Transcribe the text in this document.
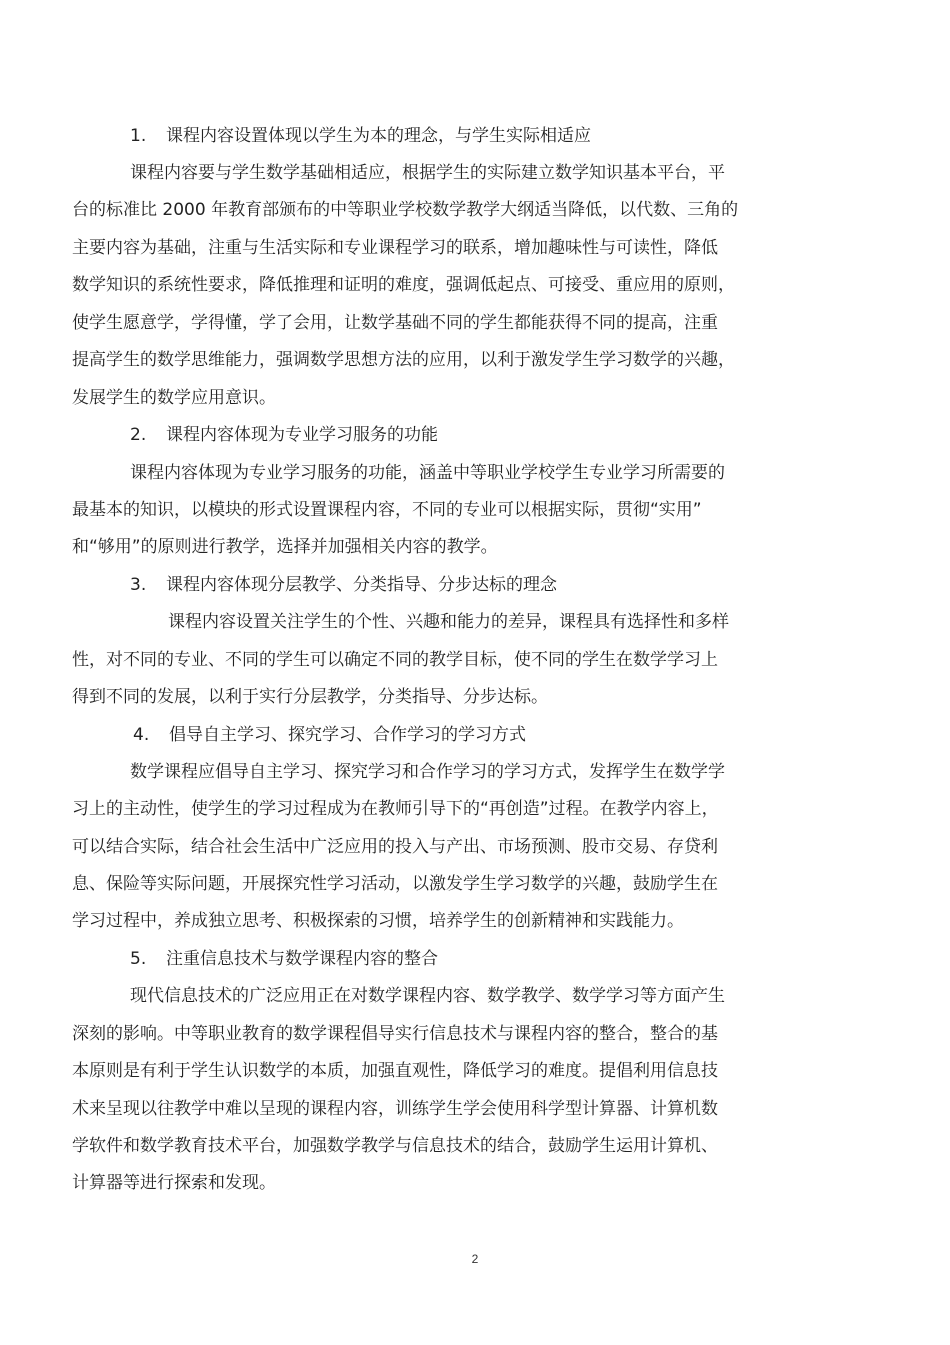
1. 课程内容设置体现以学生为本的理念，与学生实际相适应
课程内容要与学生数学基础相适应，根据学生的实际建立数学知识基本平台，平
台的标准比 2000 年教育部颁布的中等职业学校数学教学大纲适当降低，以代数、三角的
主要内容为基础，注重与生活实际和专业课程学习的联系，增加趣味性与可读性，降低
数学知识的系统性要求，降低推理和证明的难度，强调低起点、可接受、重应用的原则，
使学生愿意学，学得懂，学了会用，让数学基础不同的学生都能获得不同的提高，注重
提高学生的数学思维能力，强调数学思想方法的应用，以利于激发学生学习数学的兴趣，
发展学生的数学应用意识。
2. 课程内容体现为专业学习服务的功能
课程内容体现为专业学习服务的功能，涵盖中等职业学校学生专业学习所需要的
最基本的知识，以模块的形式设置课程内容，不同的专业可以根据实际，贯彻“实用”
和“够用”的原则进行教学，选择并加强相关内容的教学。
3. 课程内容体现分层教学、分类指导、分步达标的理念
课程内容设置关注学生的个性、兴趣和能力的差异，课程具有选择性和多样
性，对不同的专业、不同的学生可以确定不同的教学目标，使不同的学生在数学学习上
得到不同的发展，以利于实行分层教学，分类指导、分步达标。
4. 倡导自主学习、探究学习、合作学习的学习方式
数学课程应倡导自主学习、探究学习和合作学习的学习方式，发挥学生在数学学
习上的主动性，使学生的学习过程成为在教师引导下的“再创造”过程。在教学内容上，
可以结合实际，结合社会生活中广泛应用的投入与产出、市场预测、股市交易、存贷利
息、保险等实际问题，开展探究性学习活动，以激发学生学习数学的兴趣，鼓励学生在
学习过程中，养成独立思考、积极探索的习惯，培养学生的创新精神和实践能力。
5. 注重信息技术与数学课程内容的整合
现代信息技术的广泛应用正在对数学课程内容、数学教学、数学学习等方面产生
深刻的影响。中等职业教育的数学课程倡导实行信息技术与课程内容的整合，整合的基
本原则是有利于学生认识数学的本质，加强直观性，降低学习的难度。提倡利用信息技
术来呈现以往教学中难以呈现的课程内容，训练学生学会使用科学型计算器、计算机数
学软件和数学教育技术平台，加强数学教学与信息技术的结合，鼓励学生运用计算机、
计算器等进行探索和发现。
2
